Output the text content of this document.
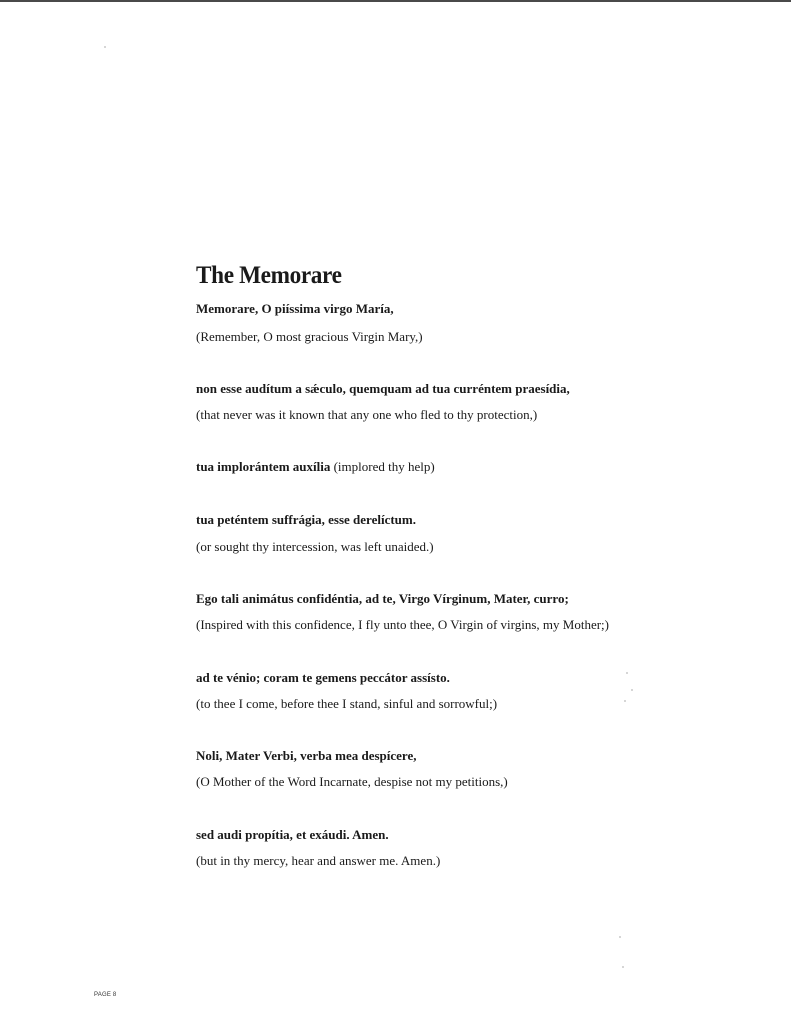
The Memorare
Memorare, O piíssima virgo María,
(Remember, O most gracious Virgin Mary,)
non esse audítum a sǽculo, quemquam ad tua curréntem praesídia,
(that never was it known that any one who fled to thy protection,)
tua implorántem auxília (implored thy help)
tua peténtem suffrágia, esse derelíctum.
(or sought thy intercession, was left unaided.)
Ego tali animátus confidéntia, ad te, Virgo Vírginum, Mater, curro;
(Inspired with this confidence, I fly unto thee, O Virgin of virgins, my Mother;)
ad te vénio; coram te gemens peccátor assísto.
(to thee I come, before thee I stand, sinful and sorrowful;)
Noli, Mater Verbi, verba mea despícere,
(O Mother of the Word Incarnate, despise not my petitions,)
sed audi propítia, et exáudi. Amen.
(but in thy mercy, hear and answer me. Amen.)
PAGE 8
